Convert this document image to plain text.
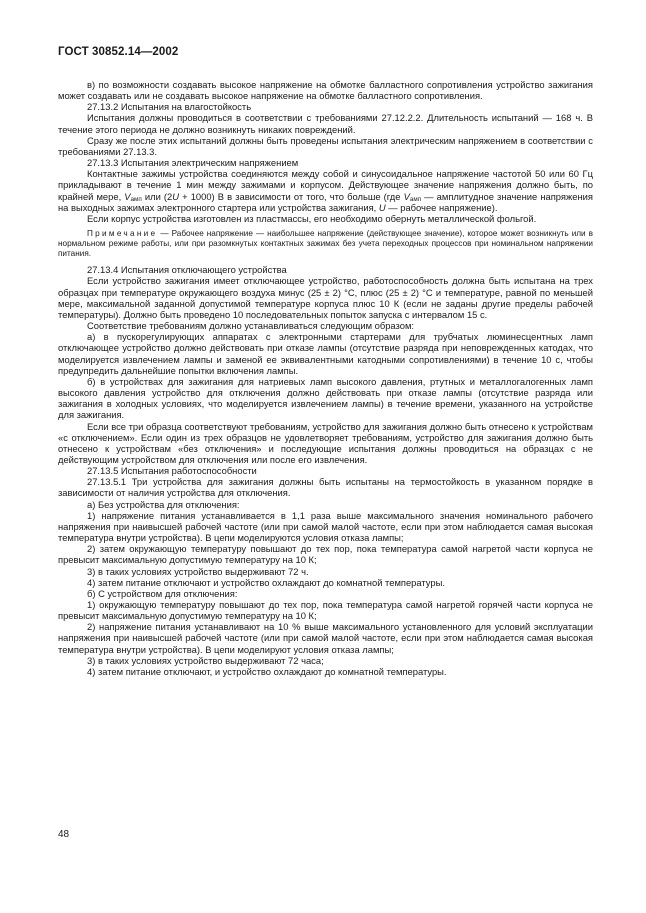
ГОСТ 30852.14—2002

в) по возможности создавать высокое напряжение на обмотке балластного сопротивления устройство зажигания может создавать или не создавать высокое напряжение на обмотке балластного сопротивления.

27.13.2 Испытания на влагостойкость

Испытания должны проводиться в соответствии с требованиями 27.12.2.2. Длительность испытаний — 168 ч. В течение этого периода не должно возникнуть никаких повреждений.

Сразу же после этих испытаний должны быть проведены испытания электрическим напряжением в соответствии с требованиями 27.13.3.

27.13.3 Испытания электрическим напряжением

Контактные зажимы устройства соединяются между собой и синусоидальное напряжение частотой 50 или 60 Гц прикладывают в течение 1 мин между зажимами и корпусом. Действующее значение напряжения должно быть, по крайней мере, $V_{амп}$ или (2U + 1000) В в зависимости от того, что больше (где $V_{амп}$ — амплитудное значение напряжения на выходных зажимах электронного стартера или устройства зажигания, U — рабочее напряжение).

Если корпус устройства изготовлен из пластмассы, его необходимо обернуть металлической фольгой.

Примечание — Рабочее напряжение — наибольшее напряжение (действующее значение), которое может возникнуть или в нормальном режиме работы, или при разомкнутых контактных зажимах без учета переходных процессов при номинальном напряжении питания.

27.13.4 Испытания отключающего устройства

Если устройство зажигания имеет отключающее устройство, работоспособность должна быть испытана на трех образцах при температуре окружающего воздуха минус (25 ± 2) °С, плюс (25 ± 2) °С и температуре, равной по меньшей мере, максимальной заданной допустимой температуре корпуса плюс 10 К (если не заданы другие пределы рабочей температуры). Должно быть проведено 10 последовательных попыток запуска с интервалом 15 с.

Соответствие требованиям должно устанавливаться следующим образом:

а) в пускорегулирующих аппаратах с электронными стартерами для трубчатых люминесцентных ламп отключающее устройство должно действовать при отказе лампы (отсутствие разряда при неповрежденных катодах, что моделируется извлечением лампы и заменой ее эквивалентными катодными сопротивлениями) в течение 10 с, чтобы предупредить дальнейшие попытки включения лампы.

б) в устройствах для зажигания для натриевых ламп высокого давления, ртутных и металлогалогенных ламп высокого давления устройство для отключения должно действовать при отказе лампы (отсутствие разряда или зажигания в холодных условиях, что моделируется извлечением лампы) в течение времени, указанного на устройстве для зажигания.

Если все три образца соответствуют требованиям, устройство для зажигания должно быть отнесено к устройствам «с отключением». Если один из трех образцов не удовлетворяет требованиям, устройство для зажигания должно быть отнесено к устройствам «без отключения» и последующие испытания должны проводиться на образцах с не действующим устройством для отключения или после его извлечения.

27.13.5 Испытания работоспособности

27.13.5.1 Три устройства для зажигания должны быть испытаны на термостойкость в указанном порядке в зависимости от наличия устройства для отключения.

а) Без устройства для отключения:

1) напряжение питания устанавливается в 1,1 раза выше максимального значения номинального рабочего напряжения при наивысшей рабочей частоте (или при самой малой частоте, если при этом наблюдается самая высокая температура внутри устройства). В цепи моделируются условия отказа лампы;

2) затем окружающую температуру повышают до тех пор, пока температура самой нагретой части корпуса не превысит максимальную допустимую температуру на 10 К;

3) в таких условиях устройство выдерживают 72 ч.

4) затем питание отключают и устройство охлаждают до комнатной температуры.

б) С устройством для отключения:

1) окружающую температуру повышают до тех пор, пока температура самой нагретой горячей части корпуса не превысит максимальную допустимую температуру на 10 К;

2) напряжение питания устанавливают на 10 % выше максимального установленного для условий эксплуатации напряжения при наивысшей рабочей частоте (или при самой малой частоте, если при этом наблюдается самая высокая температура внутри устройства). В цепи моделируют условия отказа лампы;

3) в таких условиях устройство выдерживают 72 часа;

4) затем питание отключают, и устройство охлаждают до комнатной температуры.

48
